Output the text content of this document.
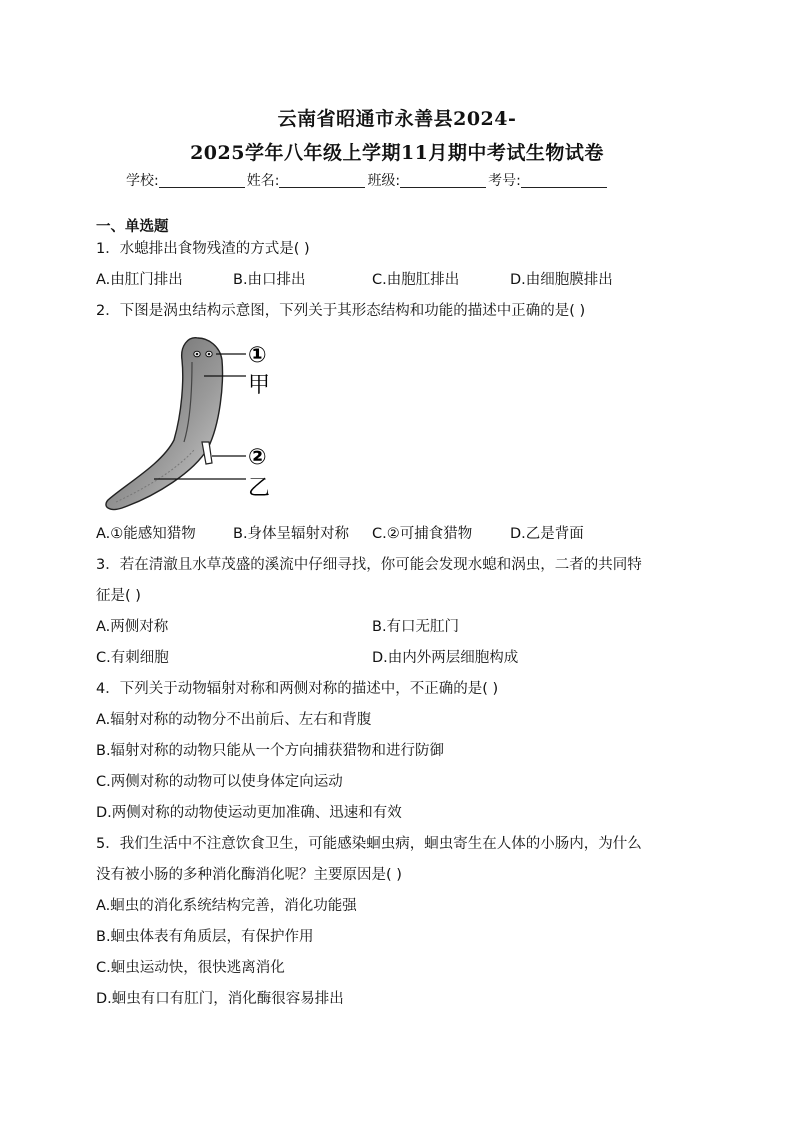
云南省昭通市永善县2024-
2025学年八年级上学期11月期中考试生物试卷
学校:	姓名:	班级:	考号:
一、单选题
1．水螅排出食物残渣的方式是( )
A.由肛门排出	B.由口排出	C.由胞肛排出	D.由细胞膜排出
2．下图是涡虫结构示意图，下列关于其形态结构和功能的描述中正确的是( )
①
甲
②
乙
A.①能感知猎物	B.身体呈辐射对称 C.②可捕食猎物	D.乙是背面
3．若在清澈且水草茂盛的溪流中仔细寻找，你可能会发现水螅和涡虫，二者的共同特
征是( )
A.两侧对称	B.有口无肛门
C.有刺细胞	D.由内外两层细胞构成
4．下列关于动物辐射对称和两侧对称的描述中，不正确的是( )
A.辐射对称的动物分不出前后、左右和背腹
B.辐射对称的动物只能从一个方向捕获猎物和进行防御
C.两侧对称的动物可以使身体定向运动
D.两侧对称的动物使运动更加准确、迅速和有效
5．我们生活中不注意饮食卫生，可能感染蛔虫病，蛔虫寄生在人体的小肠内，为什么
没有被小肠的多种消化酶消化呢？主要原因是( )
A.蛔虫的消化系统结构完善，消化功能强
B.蛔虫体表有角质层，有保护作用
C.蛔虫运动快，很快逃离消化
D.蛔虫有口有肛门，消化酶很容易排出
